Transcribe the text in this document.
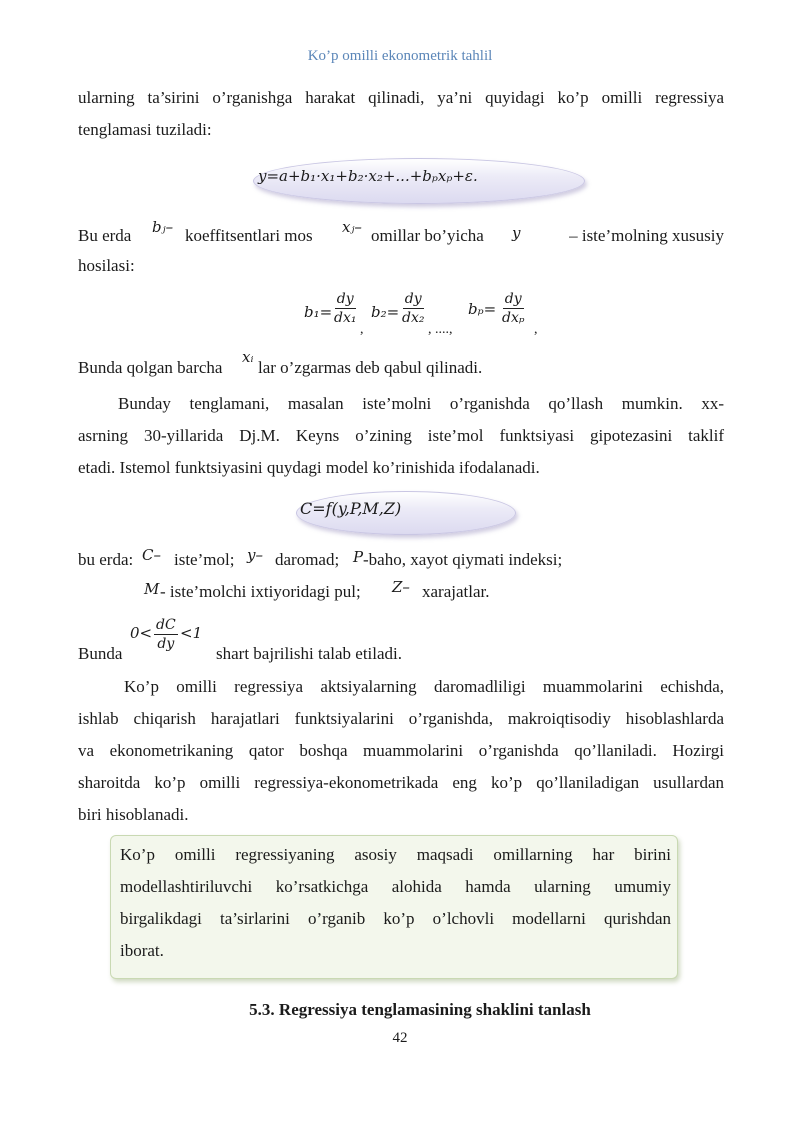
Ko’p omilli ekonometrik tahlil
ularning ta’sirini o’rganishga harakat qilinadi, ya’ni quyidagi ko’p omilli regressiya
tenglamasi tuziladi:
y=a+b₁·x₁+b₂·x₂+...+bₚxₚ+ε.
Bu erda bⱼ– koeffitsentlari mos xⱼ– omillar bo’yicha y	– iste’molning xususiy
hosilasi:
$b_1= \frac{dy}{\text{dx₁}}$
,
$b_2= \frac{dy}{\text{dx₂}}$
, ....,
bₚ=
dy
dxₚ
,
Bunda qolgan barcha
xᵢ
lar o’zgarmas deb qabul qilinadi.
Bunday tenglamani, masalan iste’molni o’rganishda qo’llash mumkin. xx-
asrning 30-yillarida Dj.M. Keyns o’zining iste’mol funktsiyasi gipotezasini taklif
etadi. Istemol funktsiyasini quydagi model ko’rinishida ifodalanadi.
C=f(y,P,M,Z)
bu erda: C– iste’mol; y– daromad; P -baho, xayot qiymati indeksi;
M - iste’molchi ixtiyoridagi pul; Z– xarajatlar.
Bunda
$0< \frac{dC}{dy} <1$
shart bajrilishi talab etiladi.
Ko’p omilli regressiya aktsiyalarning daromadliligi muammolarini echishda,
ishlab chiqarish harajatlari funktsiyalarini o’rganishda, makroiqtisodiy hisoblashlarda
va ekonometrikaning qator boshqa muammolarini o’rganishda qo’llaniladi. Hozirgi
sharoitda ko’p omilli regressiya-ekonometrikada eng ko’p qo’llaniladigan usullardan
biri hisoblanadi.
Ko’p omilli regressiyaning asosiy maqsadi omillarning har birini
modellashtiriluvchi ko’rsatkichga alohida hamda ularning umumiy
birgalikdagi ta’sirlarini o’rganib ko’p o’lchovli modellarni qurishdan
iborat.
5.3. Regressiya tenglamasining shaklini tanlash
42
